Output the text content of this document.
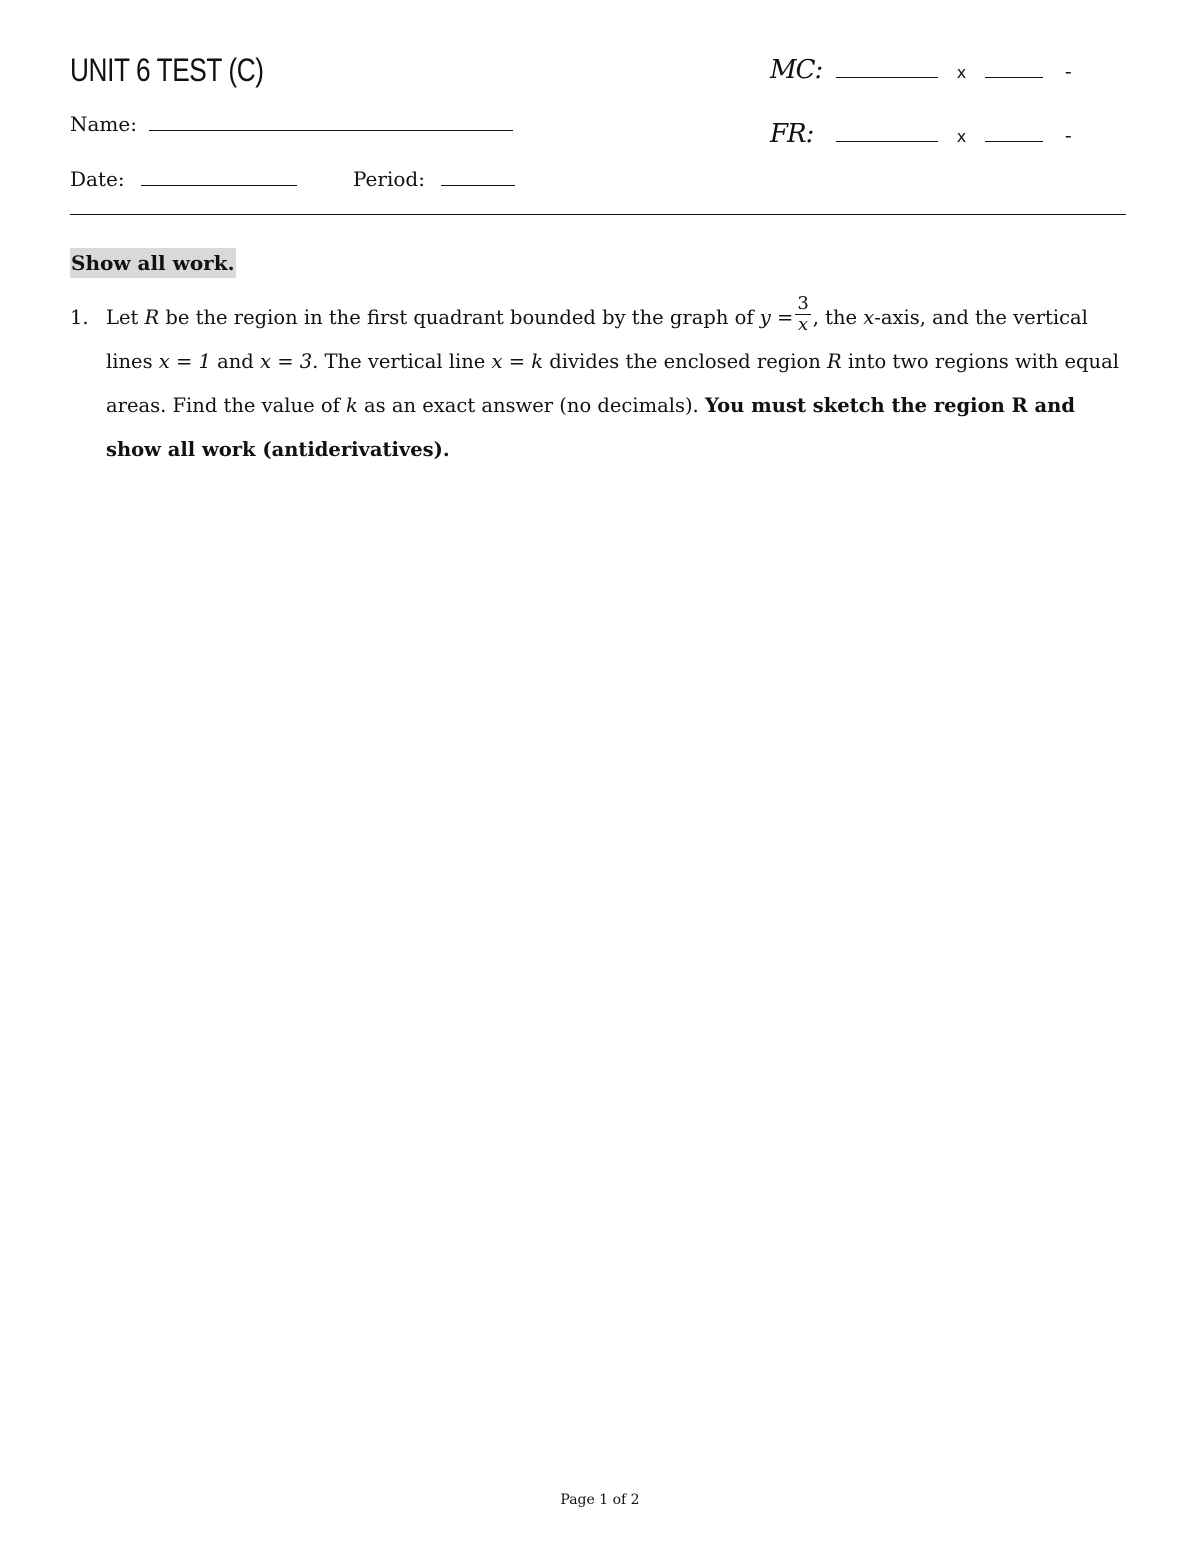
UNIT 6 TEST (C)
Name:
Date:	Period:
MC:	x	-
FR:	x	-
Show all work.
1. Let R be the region in the first quadrant bounded by the graph of $y = \frac{3}{x}$ , the x-axis, and the vertical lines x = 1 and x = 3. The vertical line x = k divides the enclosed region R into two regions with equal areas. Find the value of k as an exact answer (no decimals). You must sketch the region R and show all work (antiderivatives).
Page 1 of 2
